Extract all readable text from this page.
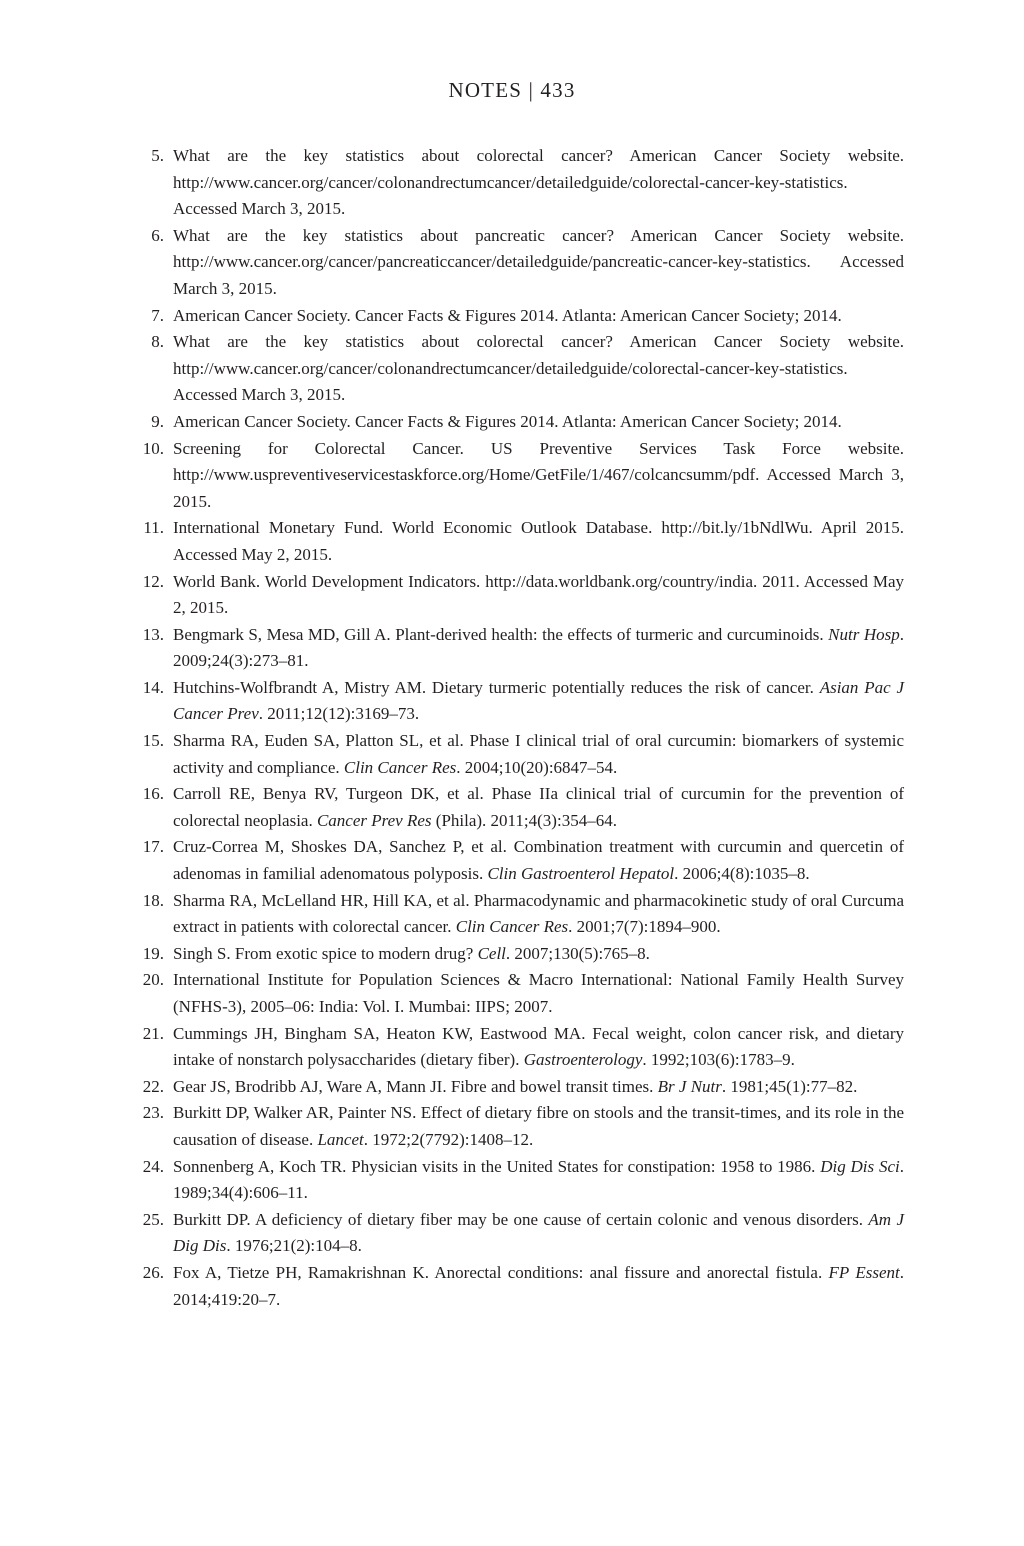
NOTES | 433
5. What are the key statistics about colorectal cancer? American Cancer Society website. http://www.cancer.org/cancer/colonandrectumcancer/detailedguide/colorectal-cancer-key-statistics. Accessed March 3, 2015.
6. What are the key statistics about pancreatic cancer? American Cancer Society website. http://www.cancer.org/cancer/pancreaticcancer/detailedguide/pancreatic-cancer-key-statistics. Accessed March 3, 2015.
7. American Cancer Society. Cancer Facts & Figures 2014. Atlanta: American Cancer Society; 2014.
8. What are the key statistics about colorectal cancer? American Cancer Society website. http://www.cancer.org/cancer/colonandrectumcancer/detailedguide/colorectal-cancer-key-statistics. Accessed March 3, 2015.
9. American Cancer Society. Cancer Facts & Figures 2014. Atlanta: American Cancer Society; 2014.
10. Screening for Colorectal Cancer. US Preventive Services Task Force website. http://www.uspreventiveservicestaskforce.org/Home/GetFile/1/467/colcancsumm/pdf. Accessed March 3, 2015.
11. International Monetary Fund. World Economic Outlook Database. http://bit.ly/1bNdlWu. April 2015. Accessed May 2, 2015.
12. World Bank. World Development Indicators. http://data.worldbank.org/country/india. 2011. Accessed May 2, 2015.
13. Bengmark S, Mesa MD, Gill A. Plant-derived health: the effects of turmeric and curcuminoids. Nutr Hosp. 2009;24(3):273–81.
14. Hutchins-Wolfbrandt A, Mistry AM. Dietary turmeric potentially reduces the risk of cancer. Asian Pac J Cancer Prev. 2011;12(12):3169–73.
15. Sharma RA, Euden SA, Platton SL, et al. Phase I clinical trial of oral curcumin: biomarkers of systemic activity and compliance. Clin Cancer Res. 2004;10(20):6847–54.
16. Carroll RE, Benya RV, Turgeon DK, et al. Phase IIa clinical trial of curcumin for the prevention of colorectal neoplasia. Cancer Prev Res (Phila). 2011;4(3):354–64.
17. Cruz-Correa M, Shoskes DA, Sanchez P, et al. Combination treatment with curcumin and quercetin of adenomas in familial adenomatous polyposis. Clin Gastroenterol Hepatol. 2006;4(8):1035–8.
18. Sharma RA, McLelland HR, Hill KA, et al. Pharmacodynamic and pharmacokinetic study of oral Curcuma extract in patients with colorectal cancer. Clin Cancer Res. 2001;7(7):1894–900.
19. Singh S. From exotic spice to modern drug? Cell. 2007;130(5):765–8.
20. International Institute for Population Sciences & Macro International: National Family Health Survey (NFHS-3), 2005–06: India: Vol. I. Mumbai: IIPS; 2007.
21. Cummings JH, Bingham SA, Heaton KW, Eastwood MA. Fecal weight, colon cancer risk, and dietary intake of nonstarch polysaccharides (dietary fiber). Gastroenterology. 1992;103(6):1783–9.
22. Gear JS, Brodribb AJ, Ware A, Mann JI. Fibre and bowel transit times. Br J Nutr. 1981;45(1):77–82.
23. Burkitt DP, Walker AR, Painter NS. Effect of dietary fibre on stools and the transit-times, and its role in the causation of disease. Lancet. 1972;2(7792):1408–12.
24. Sonnenberg A, Koch TR. Physician visits in the United States for constipation: 1958 to 1986. Dig Dis Sci. 1989;34(4):606–11.
25. Burkitt DP. A deficiency of dietary fiber may be one cause of certain colonic and venous disorders. Am J Dig Dis. 1976;21(2):104–8.
26. Fox A, Tietze PH, Ramakrishnan K. Anorectal conditions: anal fissure and anorectal fistula. FP Essent. 2014;419:20–7.
